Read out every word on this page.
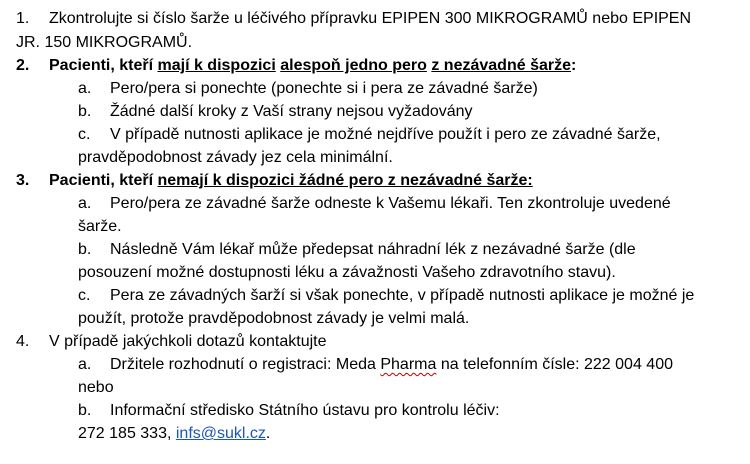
1.	Zkontrolujte si číslo šarže u léčivého přípravku EPIPEN 300 MIKROGRAMŮ nebo EPIPEN
JR. 150 MIKROGRAMŮ.
2.	Pacienti, kteří mají k dispozici alespoň jedno pero z nezávadné šarže:
a.	Pero/pera si ponechte (ponechte si i pera ze závadné šarže)
b.	Žádné další kroky z Vaší strany nejsou vyžadovány
c.	V případě nutnosti aplikace je možné nejdříve použít i pero ze závadné šarže,
pravděpodobnost závady jez cela minimální.
3.	Pacienti, kteří nemají k dispozici žádné pero z nezávadné šarže:
a.	Pero/pera ze závadné šarže odneste k Vašemu lékaři. Ten zkontroluje uvedené
šarže.
b.	Následně Vám lékař může předepsat náhradní lék z nezávadné šarže (dle
posouzení možné dostupnosti léku a závažnosti Vašeho zdravotního stavu).
c.	Pera ze závadných šarží si však ponechte, v případě nutnosti aplikace je možné je
použít, protože pravděpodobnost závady je velmi malá.
4.	V případě jakýchkoli dotazů kontaktujte
a.	Držitele rozhodnutí o registraci: Meda Pharma na telefonním čísle: 222 004 400
nebo
b.	Informační středisko Státního ústavu pro kontrolu léčiv:
272 185 333, infs@sukl.cz.
